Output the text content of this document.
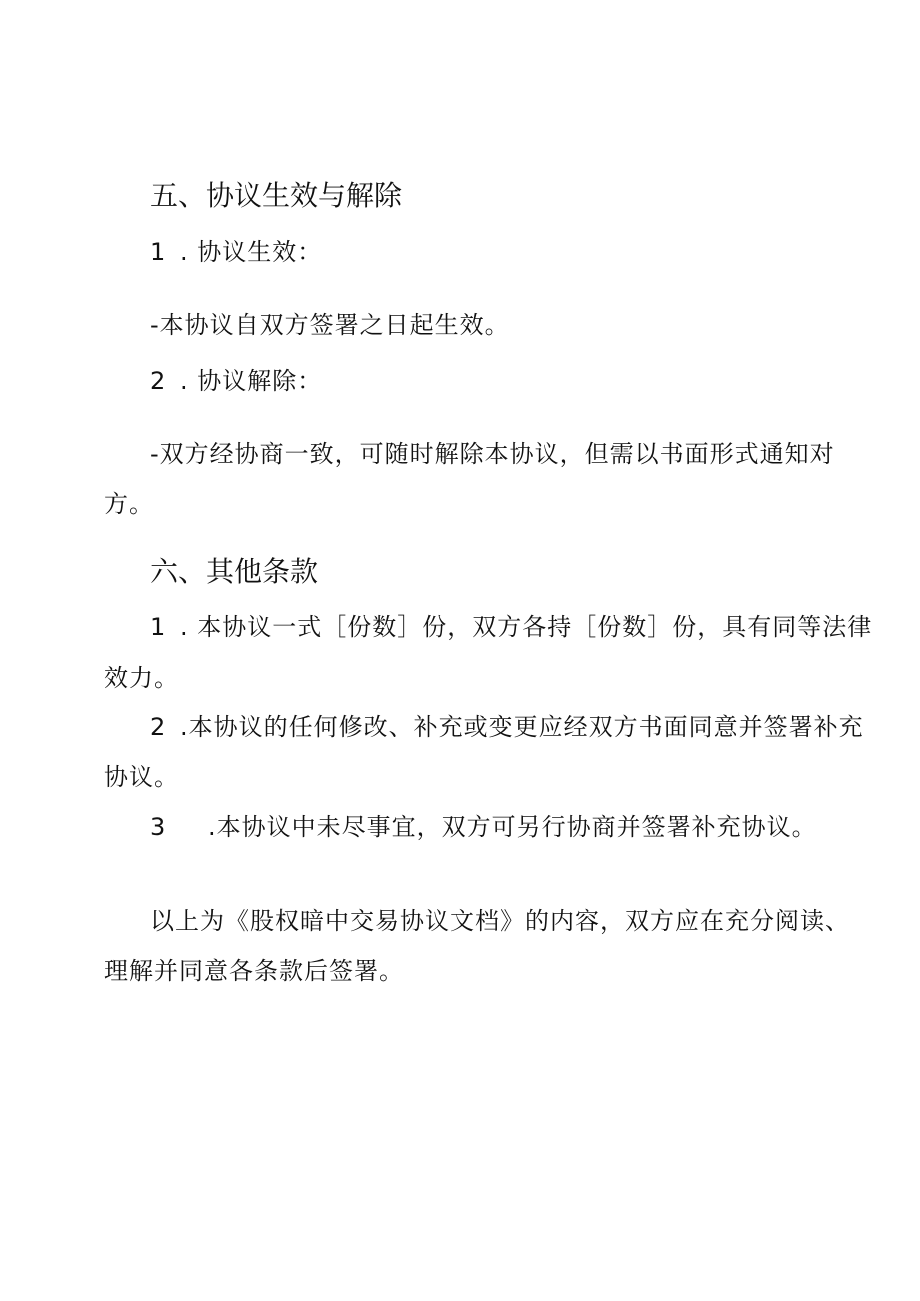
五、协议生效与解除
1 . 协议生效：
-本协议自双方签署之日起生效。
2 . 协议解除：
-双方经协商一致，可随时解除本协议，但需以书面形式通知对
方。
六、其他条款
1 . 本协议一式［份数］份，双方各持［份数］份，具有同等法律
效力。
2 .本协议的任何修改、补充或变更应经双方书面同意并签署补充
协议。
3 .本协议中未尽事宜，双方可另行协商并签署补充协议。
以上为《股权暗中交易协议文档》的内容，双方应在充分阅读、
理解并同意各条款后签署。
